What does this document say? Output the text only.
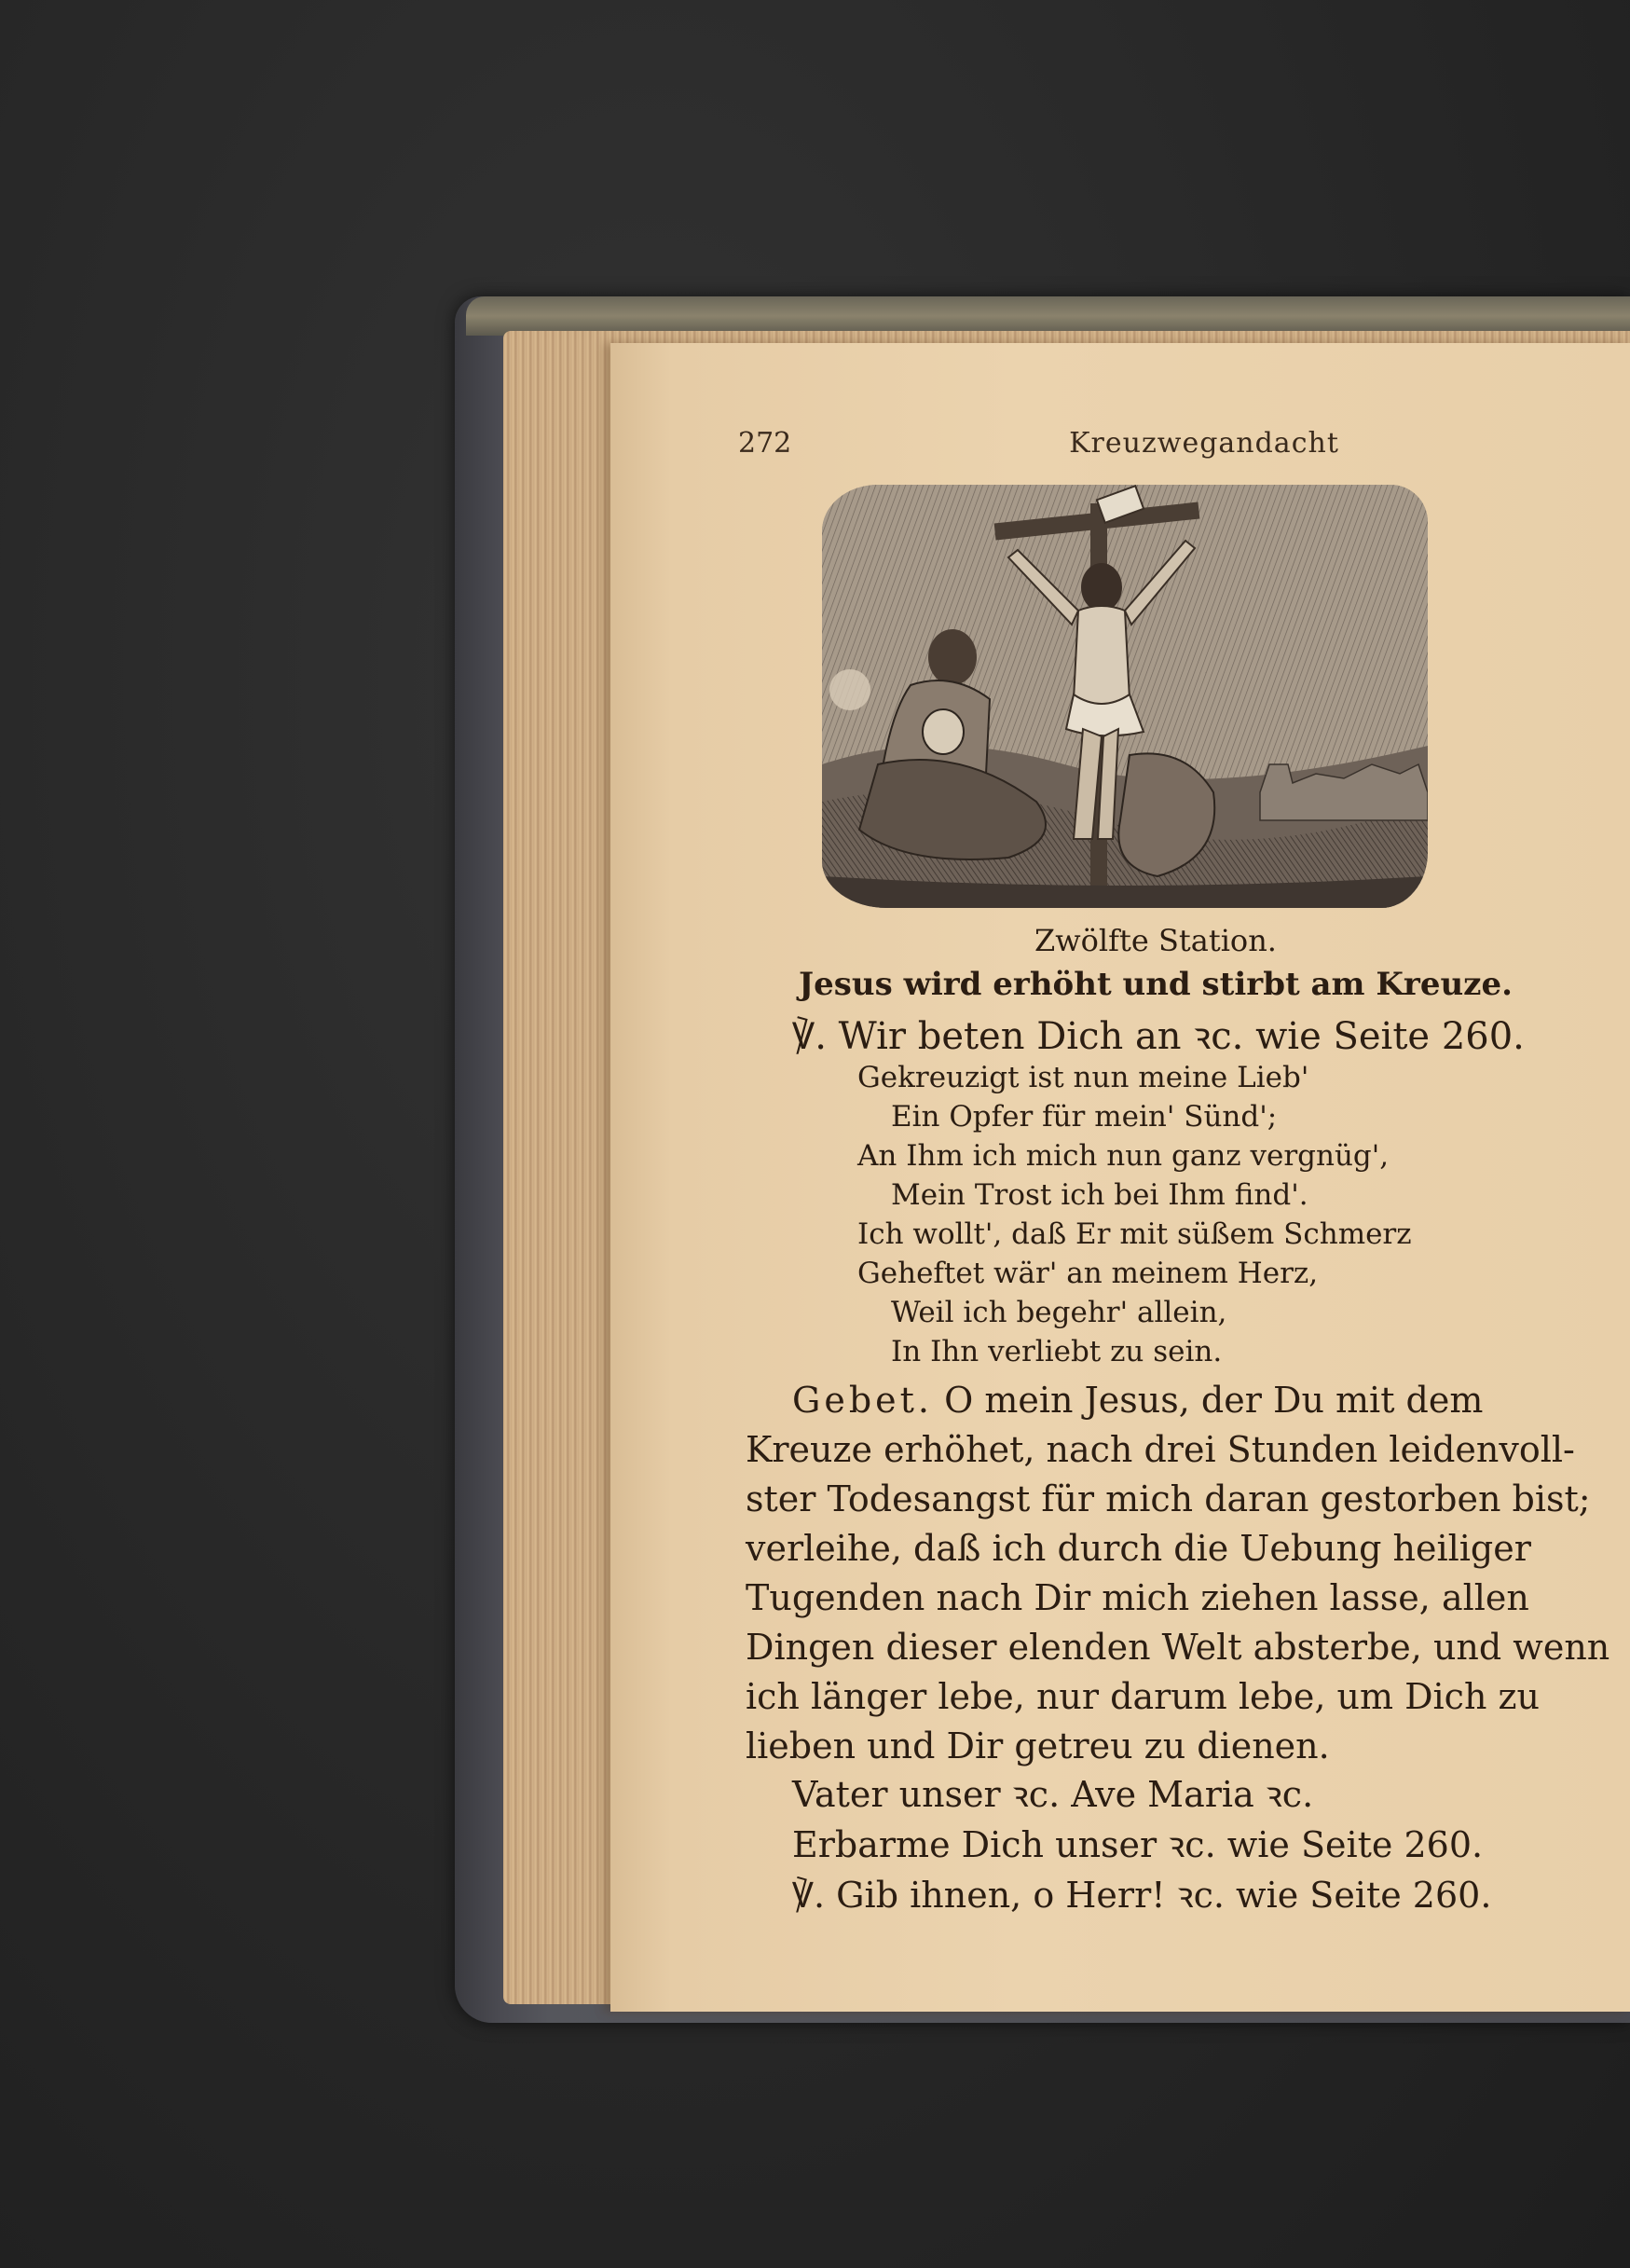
272	Kreuzwegandacht
Zwölfte Station.
Jesus wird erhöht und stirbt am Kreuze.
℣. Wir beten Dich an ꝛc. wie Seite 260.
Gekreuzigt ist nun meine Lieb'
Ein Opfer für mein' Sünd';
An Ihm ich mich nun ganz vergnüg',
Mein Trost ich bei Ihm find'.
Ich wollt', daß Er mit süßem Schmerz
Geheftet wär' an meinem Herz,
Weil ich begehr' allein,
In Ihn verliebt zu sein.
Gebet. O mein Jesus, der Du mit dem
Kreuze erhöhet, nach drei Stunden leidenvoll-
ster Todesangst für mich daran gestorben bist;
verleihe, daß ich durch die Uebung heiliger
Tugenden nach Dir mich ziehen lasse, allen
Dingen dieser elenden Welt absterbe, und wenn
ich länger lebe, nur darum lebe, um Dich zu
lieben und Dir getreu zu dienen.
Vater unser ꝛc. Ave Maria ꝛc.
Erbarme Dich unser ꝛc. wie Seite 260.
℣. Gib ihnen, o Herr! ꝛc. wie Seite 260.
